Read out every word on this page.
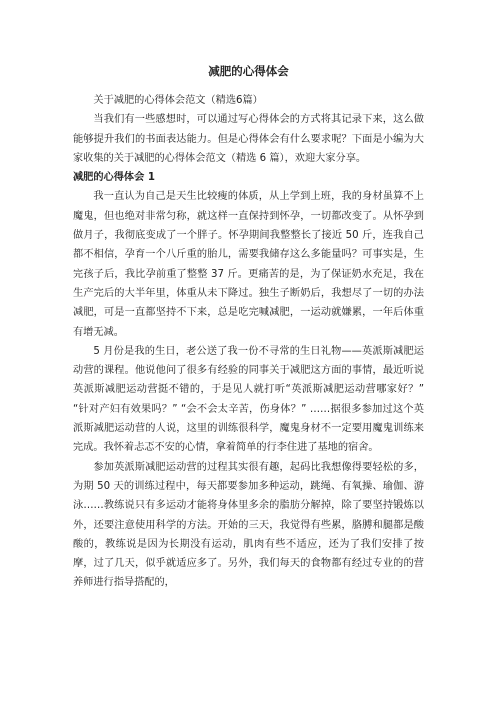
减肥的心得体会

关于减肥的心得体会范文（精选6篇）

当我们有一些感想时，可以通过写心得体会的方式将其记录下来，这么做能够提升我们的书面表达能力。但是心得体会有什么要求呢？下面是小编为大家收集的关于减肥的心得体会范文（精选 6 篇），欢迎大家分享。

减肥的心得体会 1

我一直认为自己是天生比较瘦的体质，从上学到上班，我的身材虽算不上魔鬼，但也绝对非常匀称，就这样一直保持到怀孕，一切都改变了。从怀孕到做月子，我彻底变成了一个胖子。怀孕期间我整整长了接近 50 斤，连我自己都不相信，孕育一个八斤重的胎儿，需要我储存这么多能量吗？可事实是，生完孩子后，我比孕前重了整整 37 斤。更痛苦的是，为了保证奶水充足，我在生产完后的大半年里，体重从未下降过。独生子断奶后，我想尽了一切的办法减肥，可是一直都坚持不下来，总是吃完喊减肥，一运动就嫌累，一年后体重有增无减。

5 月份是我的生日，老公送了我一份不寻常的生日礼物——英派斯减肥运动营的课程。他说他问了很多有经验的同事关于减肥这方面的事情，最近听说英派斯减肥运动营挺不错的，于是见人就打听“英派斯减肥运动营哪家好？” “针对产妇有效果吗？” “会不会太辛苦，伤身体？” ……据很多参加过这个英派斯减肥运动营的人说，这里的训练很科学，魔鬼身材不一定要用魔鬼训练来完成。我怀着忐忑不安的心情，拿着简单的行李住进了基地的宿舍。

参加英派斯减肥运动营的过程其实很有趣，起码比我想像得要轻松的多，为期 50 天的训练过程中，每天都要参加多种运动，跳绳、有氧操、瑜伽、游泳……教练说只有多运动才能将身体里多余的脂肪分解掉，除了要坚持锻炼以外，还要注意使用科学的方法。开始的三天，我觉得有些累，胳膊和腿都是酸酸的，教练说是因为长期没有运动，肌肉有些不适应，还为了我们安排了按摩，过了几天，似乎就适应多了。另外，我们每天的食物都有经过专业的的营养师进行指导搭配的，
